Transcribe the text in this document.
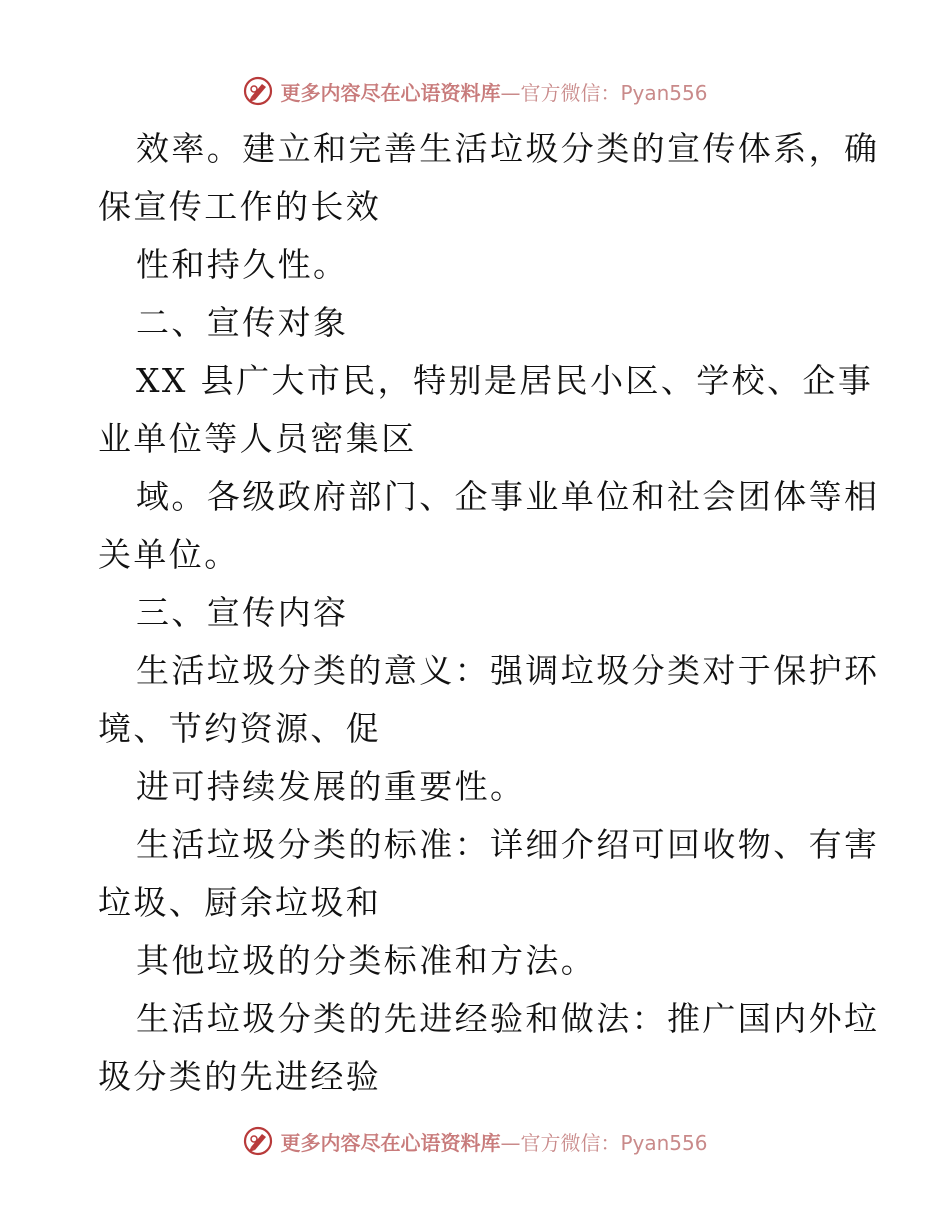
更多内容尽在心语资料库—官方微信：Pyan556
效率。建立和完善生活垃圾分类的宣传体系，确
保宣传工作的长效
性和持久性。
二、宣传对象
XX 县广大市民，特别是居民小区、学校、企事
业单位等人员密集区
域。各级政府部门、企事业单位和社会团体等相
关单位。
三、宣传内容
生活垃圾分类的意义：强调垃圾分类对于保护环
境、节约资源、促
进可持续发展的重要性。
生活垃圾分类的标准：详细介绍可回收物、有害
垃圾、厨余垃圾和
其他垃圾的分类标准和方法。
生活垃圾分类的先进经验和做法：推广国内外垃
圾分类的先进经验
更多内容尽在心语资料库—官方微信：Pyan556
